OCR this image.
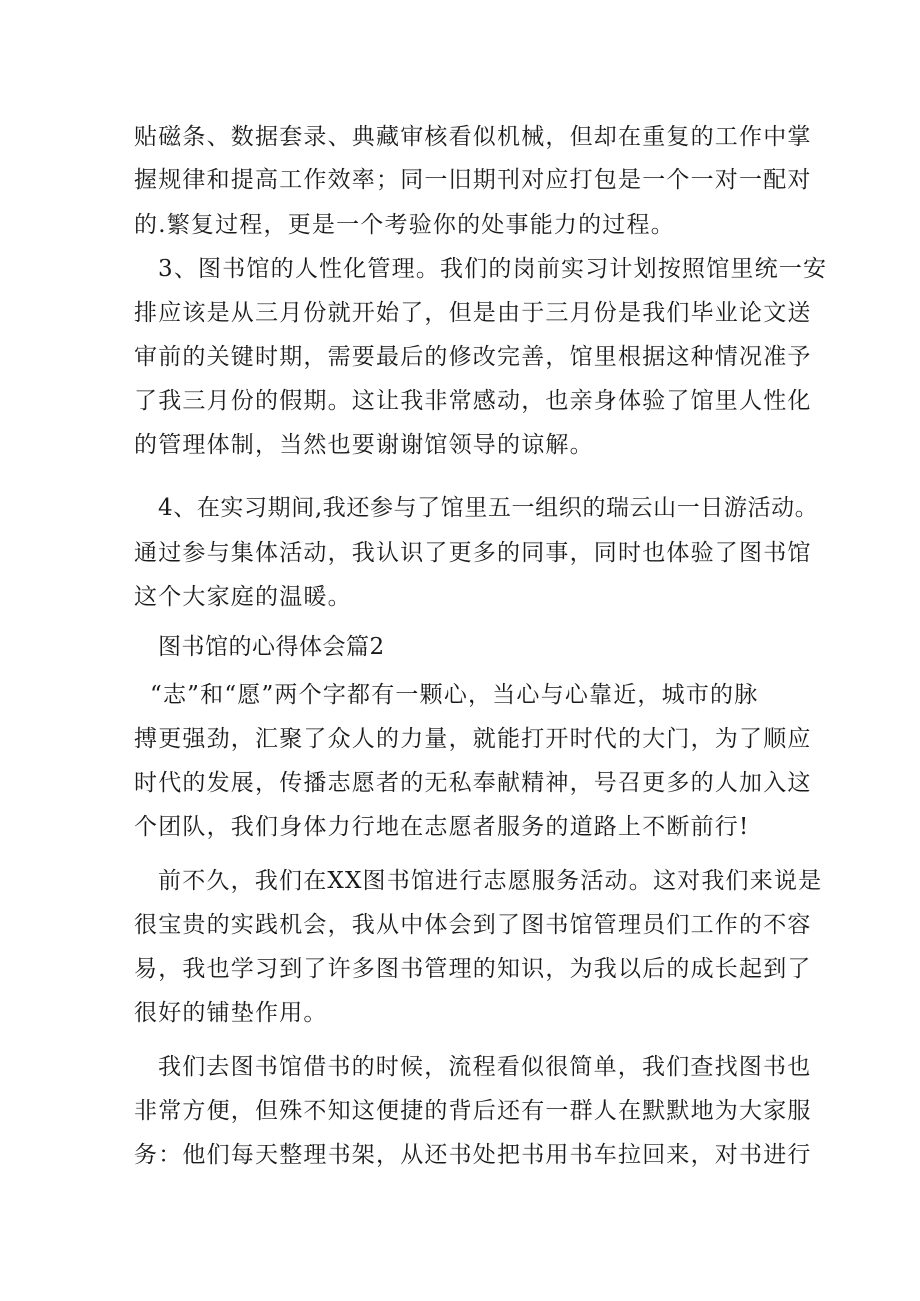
贴磁条、数据套录、典藏审核看似机械，但却在重复的工作中掌
握规律和提高工作效率；同一旧期刊对应打包是一个一对一配对
的.繁复过程，更是一个考验你的处事能力的过程。
3、图书馆的人性化管理。我们的岗前实习计划按照馆里统一安
排应该是从三月份就开始了，但是由于三月份是我们毕业论文送
审前的关键时期，需要最后的修改完善，馆里根据这种情况准予
了我三月份的假期。这让我非常感动，也亲身体验了馆里人性化
的管理体制，当然也要谢谢馆领导的谅解。
4、在实习期间,我还参与了馆里五一组织的瑞云山一日游活动。
通过参与集体活动，我认识了更多的同事，同时也体验了图书馆
这个大家庭的温暖。
图书馆的心得体会篇2
“志”和“愿”两个字都有一颗心，当心与心靠近，城市的脉
搏更强劲，汇聚了众人的力量，就能打开时代的大门，为了顺应
时代的发展，传播志愿者的无私奉献精神，号召更多的人加入这
个团队，我们身体力行地在志愿者服务的道路上不断前行!
前不久，我们在XX图书馆进行志愿服务活动。这对我们来说是
很宝贵的实践机会，我从中体会到了图书馆管理员们工作的不容
易，我也学习到了许多图书管理的知识，为我以后的成长起到了
很好的铺垫作用。
我们去图书馆借书的时候，流程看似很简单，我们查找图书也
非常方便，但殊不知这便捷的背后还有一群人在默默地为大家服
务：他们每天整理书架，从还书处把书用书车拉回来，对书进行
